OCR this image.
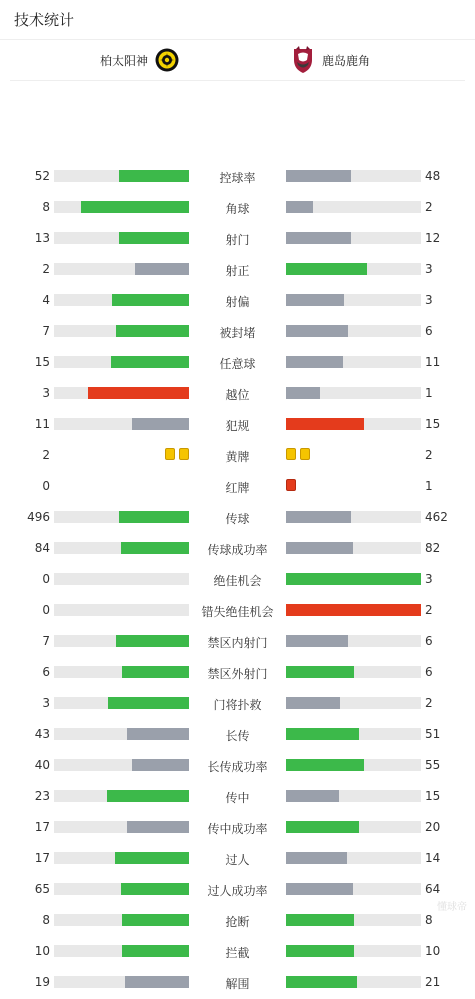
技术统计
柏太阳神	鹿岛鹿角
52	控球率	48
8	角球	2
13	射门	12
2	射正	3
4	射偏	3
7	被封堵	6
15	任意球	11
3	越位	1
11	犯规	15
2	黄牌	2
0	红牌	1
496	传球	462
84	传球成功率	82
0	绝佳机会	3
0	错失绝佳机会	2
7	禁区内射门	6
6	禁区外射门	6
3	门将扑救	2
43	长传	51
40	长传成功率	55
23	传中	15
17	传中成功率	20
17	过人	14
65	过人成功率	64
8	抢断	8
10	拦截	10
19	解围	21
懂球帝
